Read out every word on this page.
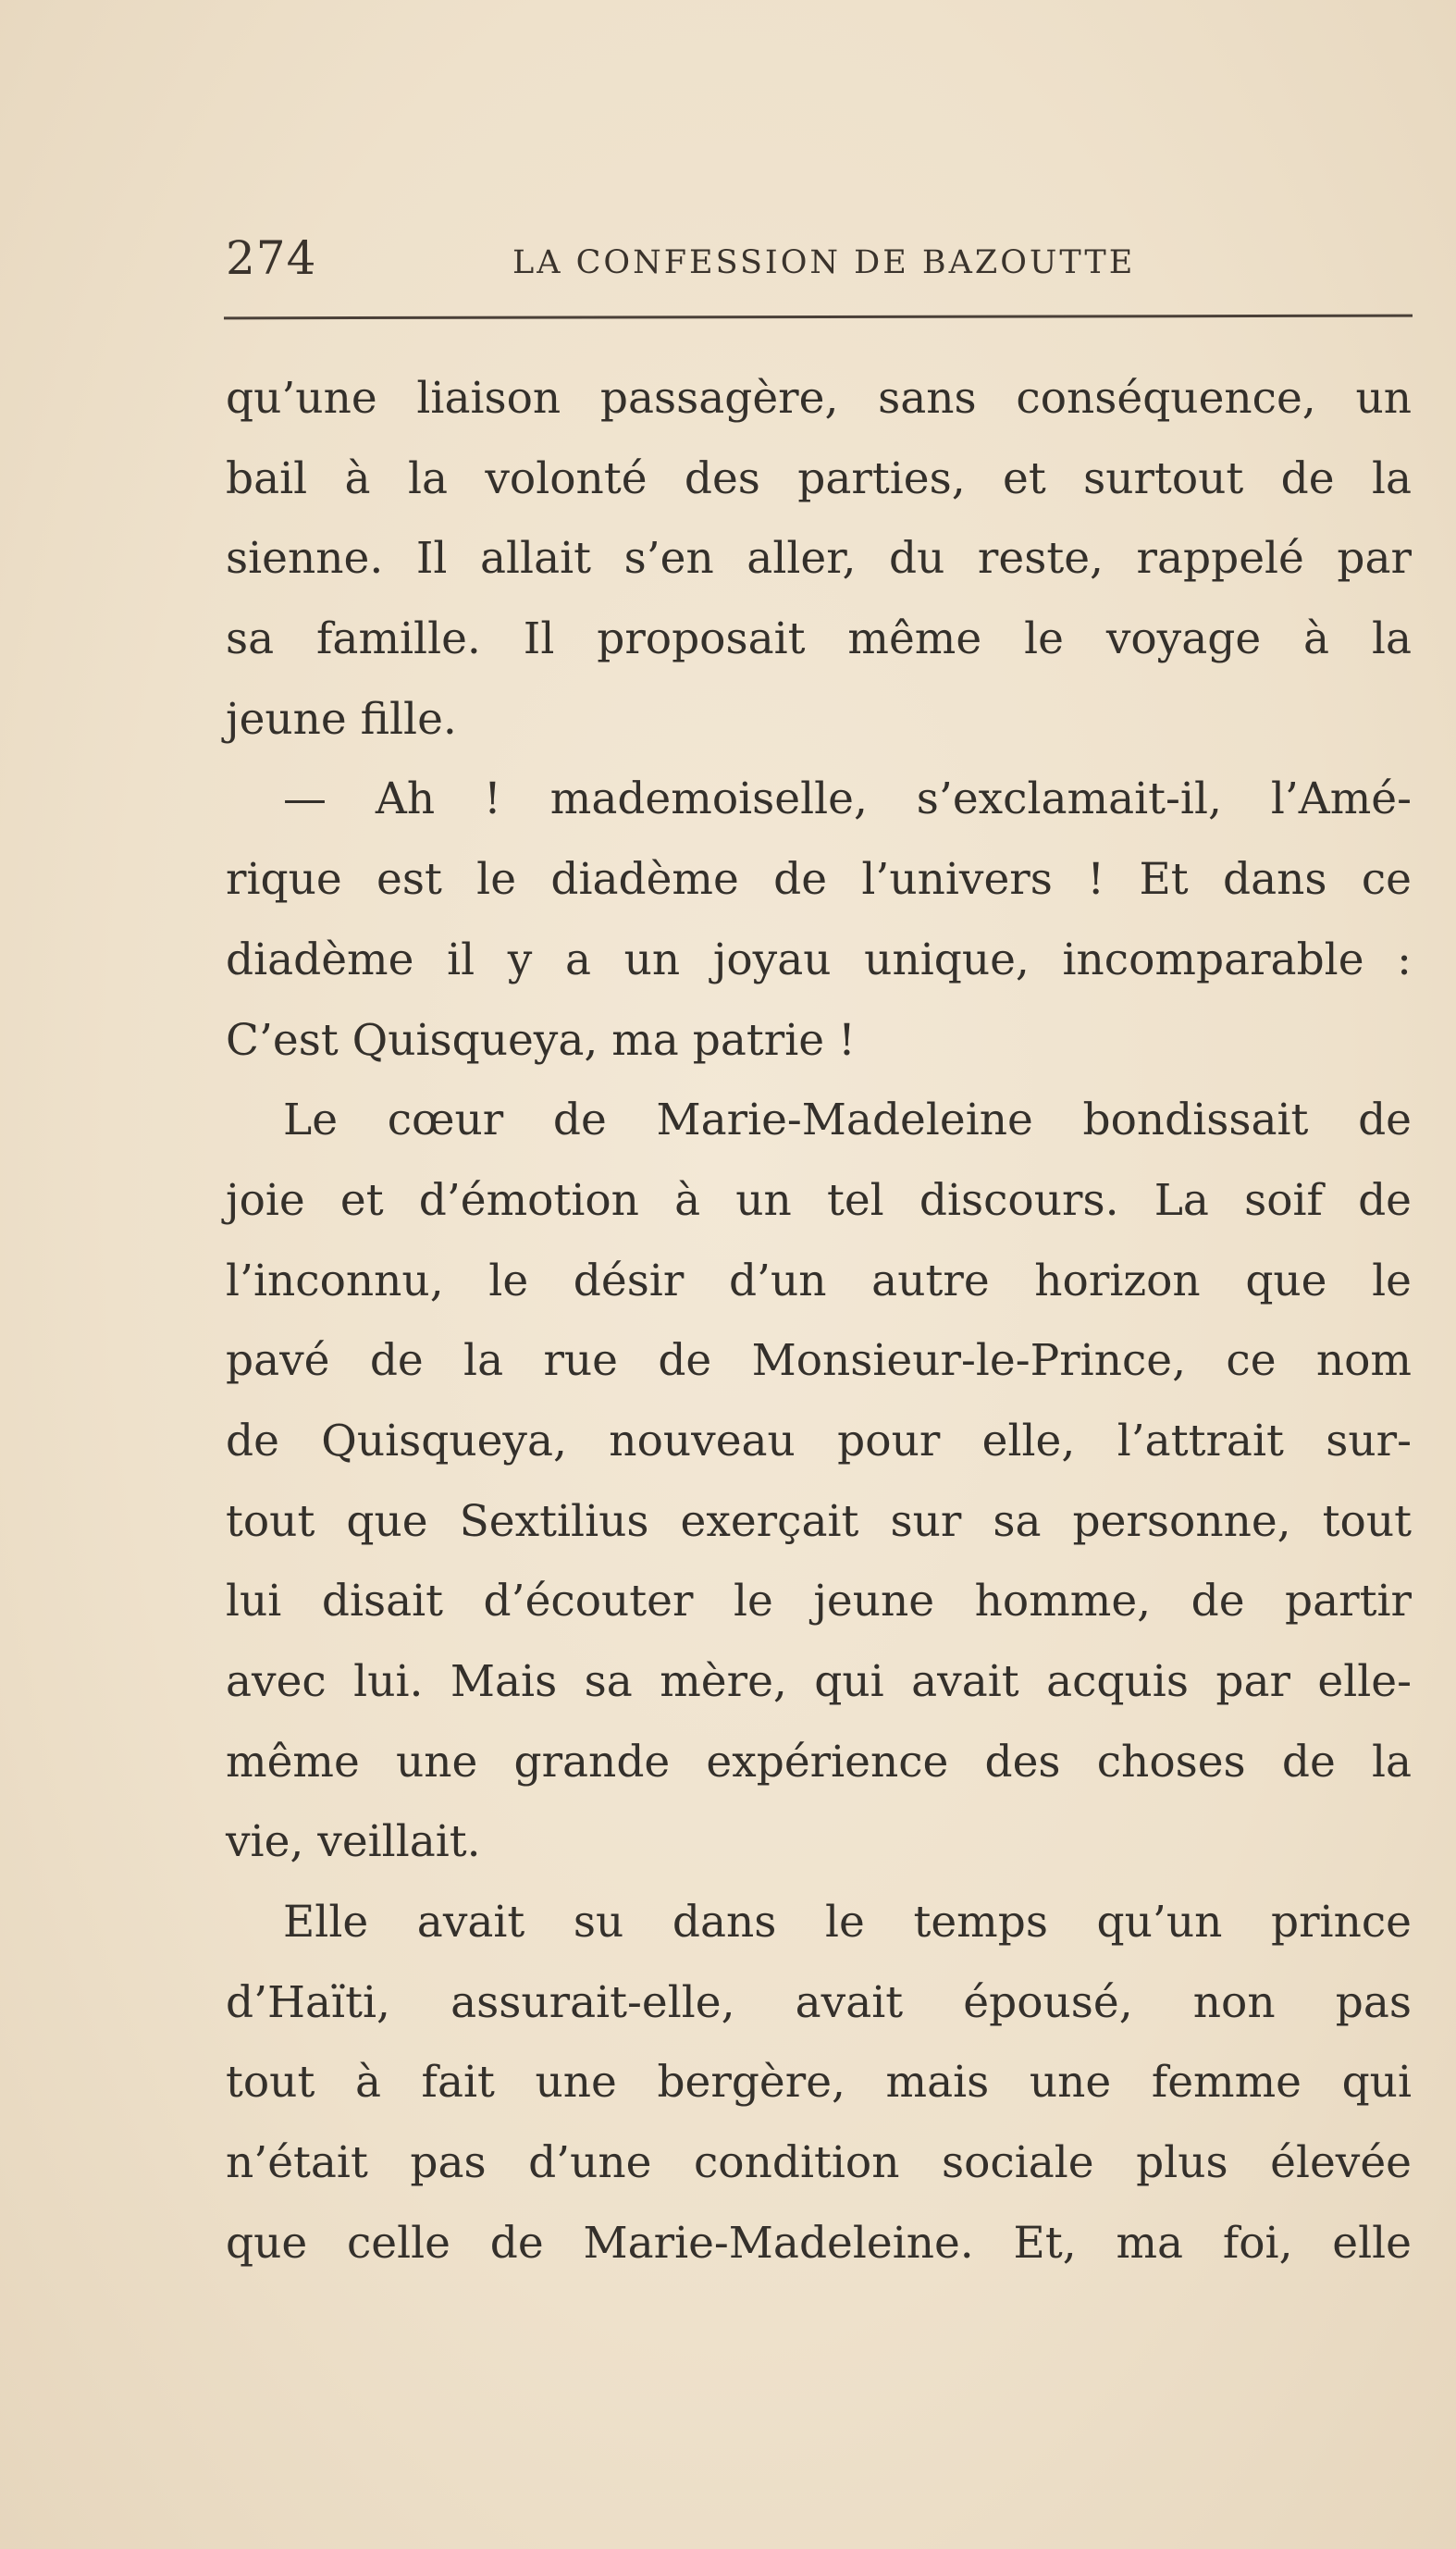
274	LA CONFESSION DE BAZOUTTE
qu’une liaison passagère, sans conséquence, un
bail à la volonté des parties, et surtout de la
sienne. Il allait s’en aller, du reste, rappelé par
sa famille. Il proposait même le voyage à la
jeune fille.
— Ah ! mademoiselle, s’exclamait-il, l’Amé-
rique est le diadème de l’univers ! Et dans ce
diadème il y a un joyau unique, incomparable :
C’est Quisqueya, ma patrie !
Le cœur de Marie-Madeleine bondissait de
joie et d’émotion à un tel discours. La soif de
l’inconnu, le désir d’un autre horizon que le
pavé de la rue de Monsieur-le-Prince, ce nom
de Quisqueya, nouveau pour elle, l’attrait sur-
tout que Sextilius exerçait sur sa personne, tout
lui disait d’écouter le jeune homme, de partir
avec lui. Mais sa mère, qui avait acquis par elle-
même une grande expérience des choses de la
vie, veillait.
Elle avait su dans le temps qu’un prince
d’Haïti, assurait-elle, avait épousé, non pas
tout à fait une bergère, mais une femme qui
n’était pas d’une condition sociale plus élevée
que celle de Marie-Madeleine. Et, ma foi, elle
